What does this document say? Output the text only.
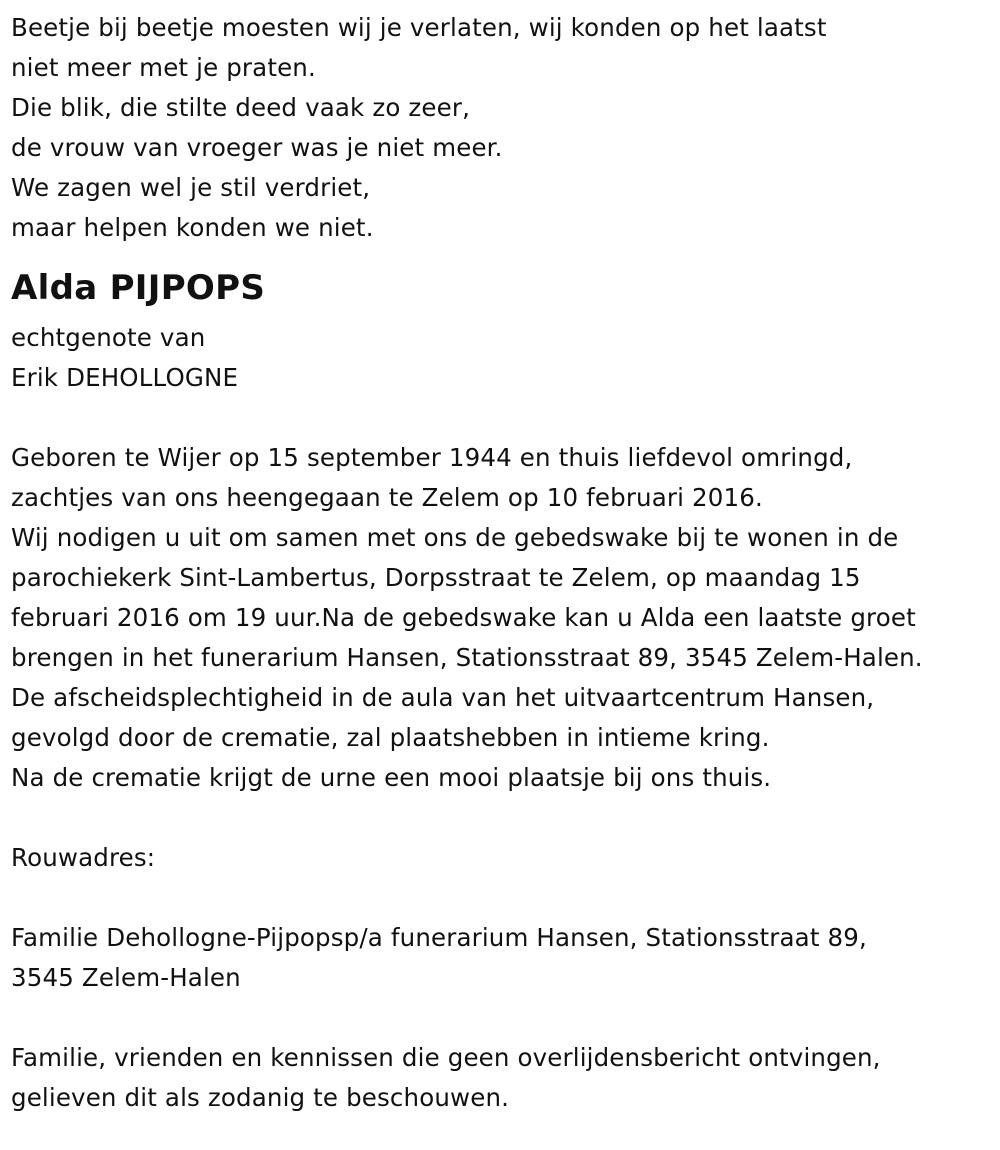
Beetje bij beetje moesten wij je verlaten, wij konden op het laatst
niet meer met je praten.
Die blik, die stilte deed vaak zo zeer,
de vrouw van vroeger was je niet meer.
We zagen wel je stil verdriet,
maar helpen konden we niet.
Alda PIJPOPS
echtgenote van
Erik DEHOLLOGNE
Geboren te Wijer op 15 september 1944 en thuis liefdevol omringd,
zachtjes van ons heengegaan te Zelem op 10 februari 2016.
Wij nodigen u uit om samen met ons de gebedswake bij te wonen in de
parochiekerk Sint-Lambertus, Dorpsstraat te Zelem, op maandag 15
februari 2016 om 19 uur.Na de gebedswake kan u Alda een laatste groet
brengen in het funerarium Hansen, Stationsstraat 89, 3545 Zelem-Halen.
De afscheidsplechtigheid in de aula van het uitvaartcentrum Hansen,
gevolgd door de crematie, zal plaatshebben in intieme kring.
Na de crematie krijgt de urne een mooi plaatsje bij ons thuis.
Rouwadres:
Familie Dehollogne-Pijpopsp/a funerarium Hansen, Stationsstraat 89,
3545 Zelem-Halen
Familie, vrienden en kennissen die geen overlijdensbericht ontvingen,
gelieven dit als zodanig te beschouwen.
